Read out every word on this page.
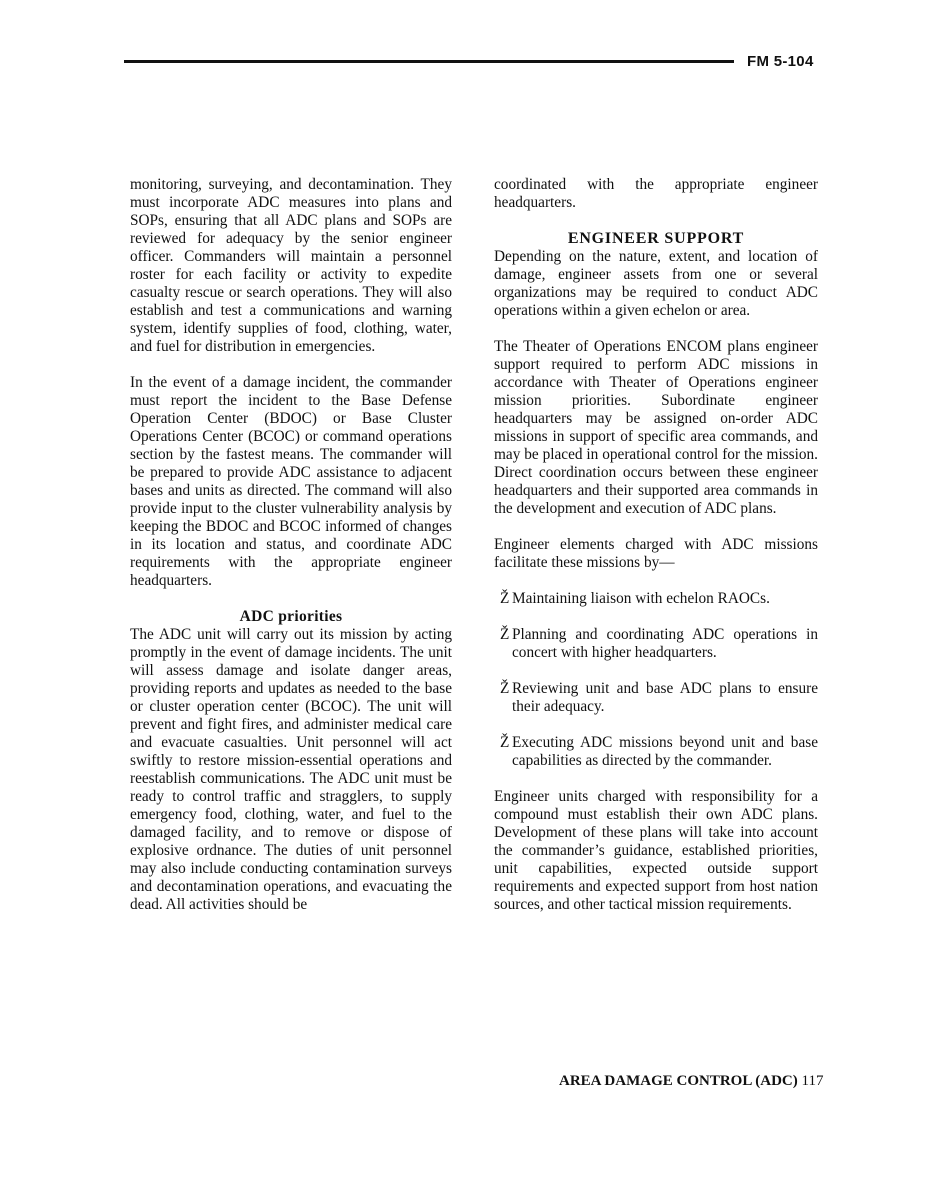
FM 5-104

monitoring, surveying, and decontamination. They must incorporate ADC measures into plans and SOPs, ensuring that all ADC plans and SOPs are reviewed for adequacy by the senior engineer officer. Commanders will maintain a personnel roster for each facility or activity to expedite casualty rescue or search operations. They will also establish and test a communications and warning system, identify supplies of food, clothing, water, and fuel for distribution in emergencies.

In the event of a damage incident, the commander must report the incident to the Base Defense Operation Center (BDOC) or Base Cluster Operations Center (BCOC) or command operations section by the fastest means. The commander will be prepared to provide ADC assistance to adjacent bases and units as directed. The command will also provide input to the cluster vulnerability analysis by keeping the BDOC and BCOC informed of changes in its location and status, and coordinate ADC requirements with the appropriate engineer headquarters.

ADC priorities

The ADC unit will carry out its mission by acting promptly in the event of damage incidents. The unit will assess damage and isolate danger areas, providing reports and updates as needed to the base or cluster operation center (BCOC). The unit will prevent and fight fires, and administer medical care and evacuate casualties. Unit personnel will act swiftly to restore mission-essential operations and reestablish communications. The ADC unit must be ready to control traffic and stragglers, to supply emergency food, clothing, water, and fuel to the damaged facility, and to remove or dispose of explosive ordnance. The duties of unit personnel may also include conducting contamination surveys and decontamination operations, and evacuating the dead. All activities should be

coordinated with the appropriate engineer headquarters.

ENGINEER SUPPORT

Depending on the nature, extent, and location of damage, engineer assets from one or several organizations may be required to conduct ADC operations within a given echelon or area.

The Theater of Operations ENCOM plans engineer support required to perform ADC missions in accordance with Theater of Operations engineer mission priorities. Subordinate engineer headquarters may be assigned on-order ADC missions in support of specific area commands, and may be placed in operational control for the mission. Direct coordination occurs between these engineer headquarters and their supported area commands in the development and execution of ADC plans.

Engineer elements charged with ADC missions facilitate these missions by—

Ž Maintaining liaison with echelon RAOCs.
Ž Planning and coordinating ADC operations in concert with higher headquarters.
Ž Reviewing unit and base ADC plans to ensure their adequacy.
Ž Executing ADC missions beyond unit and base capabilities as directed by the commander.

Engineer units charged with responsibility for a compound must establish their own ADC plans. Development of these plans will take into account the commander’s guidance, established priorities, unit capabilities, expected outside support requirements and expected support from host nation sources, and other tactical mission requirements.

AREA DAMAGE CONTROL (ADC) 117
